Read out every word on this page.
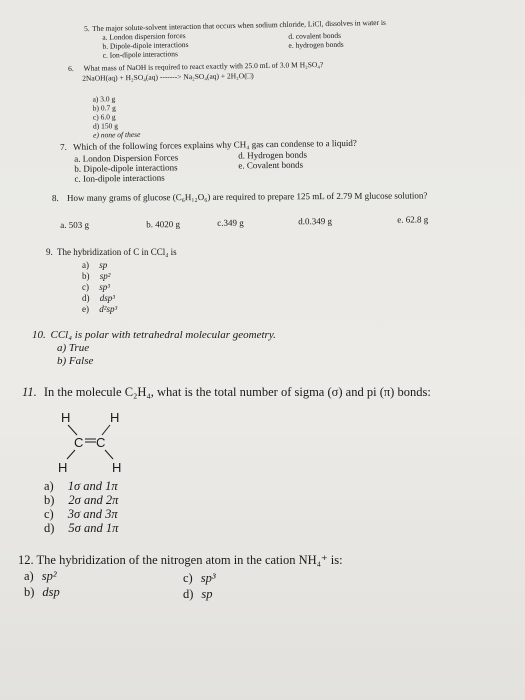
5. The major solute-solvent interaction that occurs when sodium chloride, LiCl, dissolves in water is
a. London dispersion forces
b. Dipole-dipole interactions
c. Ion-dipole interactions
d. covalent bonds
e. hydrogen bonds
6. What mass of NaOH is required to react exactly with 25.0 mL of 3.0 M H₂SO₄?
2NaOH(aq) + H₂SO₄(aq) -------> Na₂SO₄(aq) + 2H₂O(□)
a) 3.0 g
b) 0.7 g
c) 6.0 g
d) 150 g
e) none of these
7. Which of the following forces explains why CH₄ gas can condense to a liquid?
a. London Dispersion Forces
b. Dipole-dipole interactions
c. Ion-dipole interactions
d. Hydrogen bonds
e. Covalent bonds
8. How many grams of glucose (C₆H₁₂O₆) are required to prepare 125 mL of 2.79 M glucose solution?
a. 503 g	b. 4020 g	c.349 g	d.0.349 g	e. 62.8 g
9. The hybridization of C in CCl₄ is
a) sp
b) sp²
c) sp³
d) dsp³
e) d²sp³
10. CCl₄ is polar with tetrahedral molecular geometry.
a) True
b) False
11. In the molecule C₂H₄, what is the total number of sigma (σ) and pi (π) bonds:
H	H
C C
H	H
a) 1σ and 1π
b) 2σ and 2π
c) 3σ and 3π
d) 5σ and 1π
12. The hybridization of the nitrogen atom in the cation NH₄⁺ is:
a) sp²
b) dsp
c) sp³
d) sp
